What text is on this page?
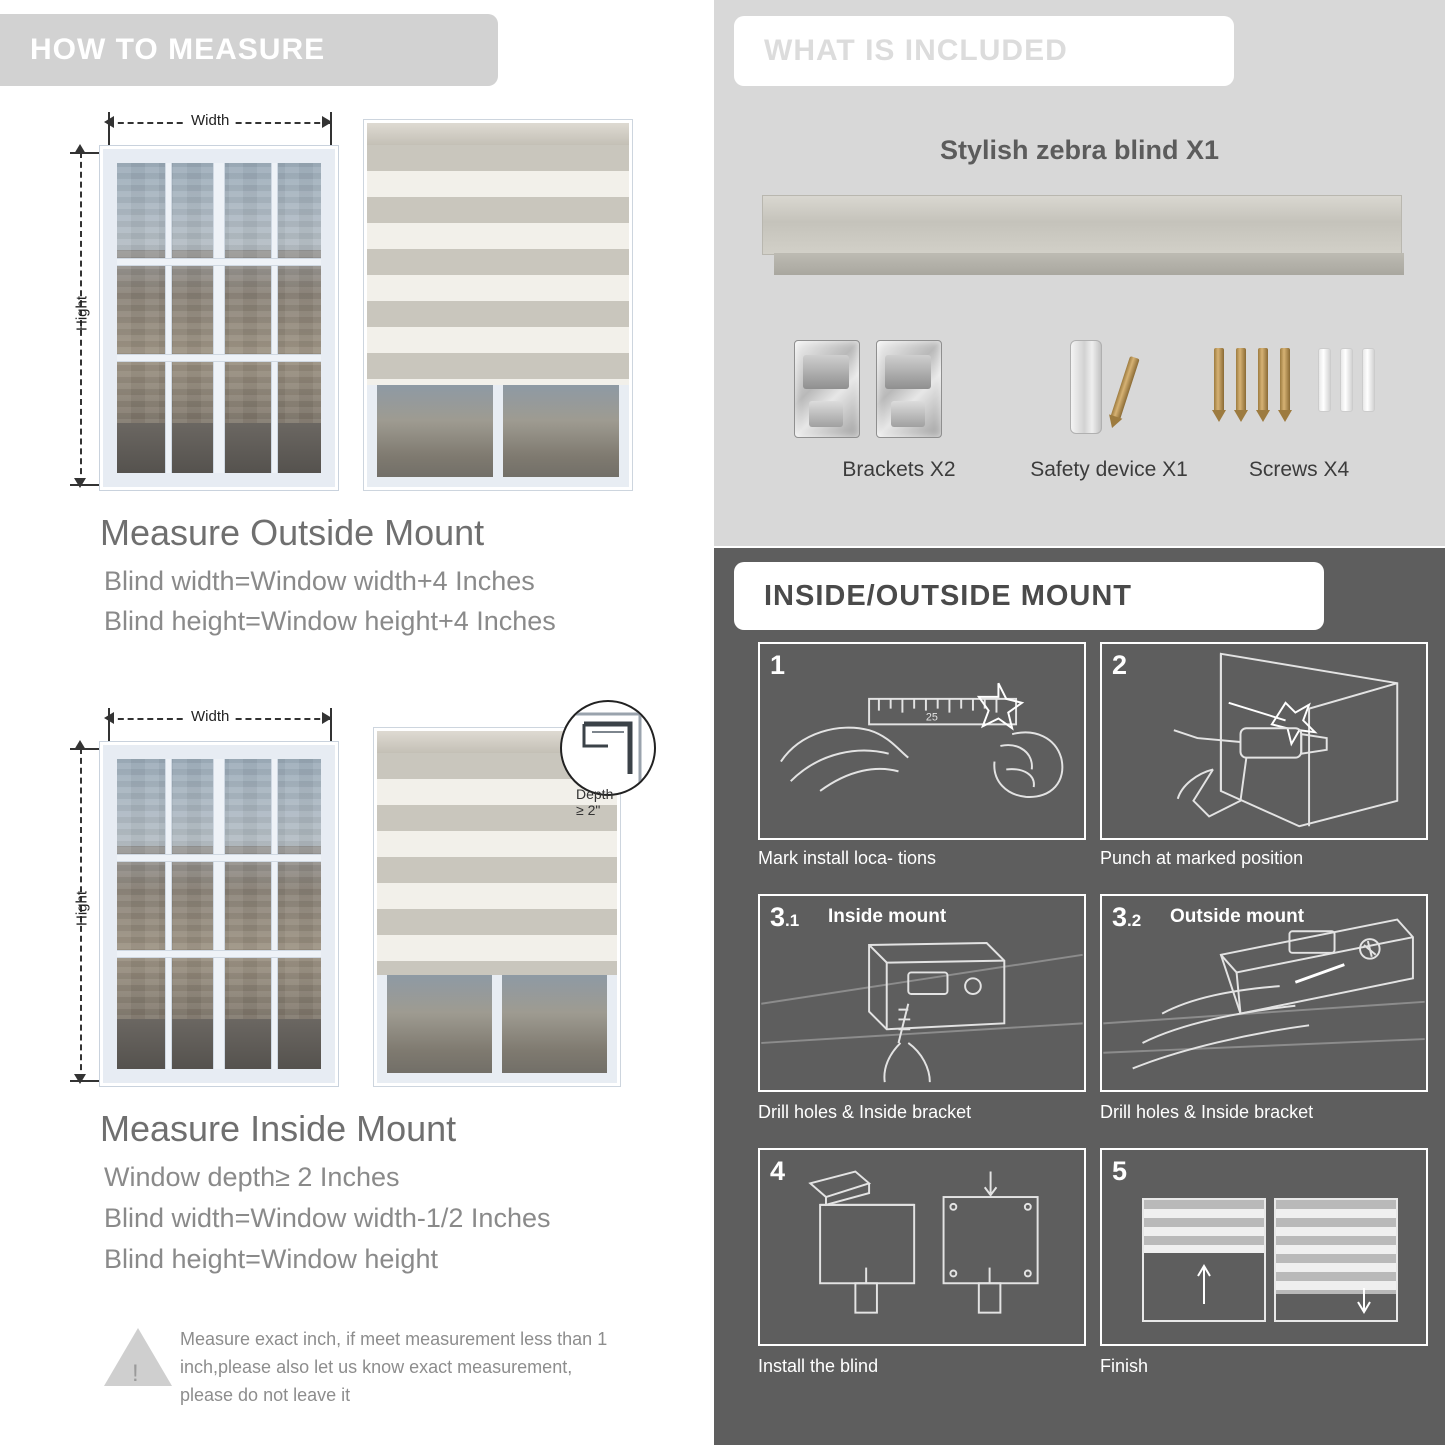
HOW TO MEASURE
Width
Hight
Measure Outside Mount
Blind width=Window width+4 Inches
Blind height=Window height+4 Inches
Width
Hight
Depth ≥ 2"
Measure Inside Mount
Window depth≥ 2 Inches
Blind width=Window width-1/2 Inches
Blind height=Window height
!
Measure exact inch, if meet measurement less than 1 inch,please also let us know exact measurement, please do not leave it
WHAT IS INCLUDED
Stylish zebra blind X1
Brackets X2	Safety device X1	Screws X4
INSIDE/OUTSIDE MOUNT
1
25
Mark install loca- tions
2
Punch at marked position
3.1 Inside mount
Drill holes & Inside bracket
3.2 Outside mount
Drill holes & Inside bracket
4
Install the blind
5
Finish
